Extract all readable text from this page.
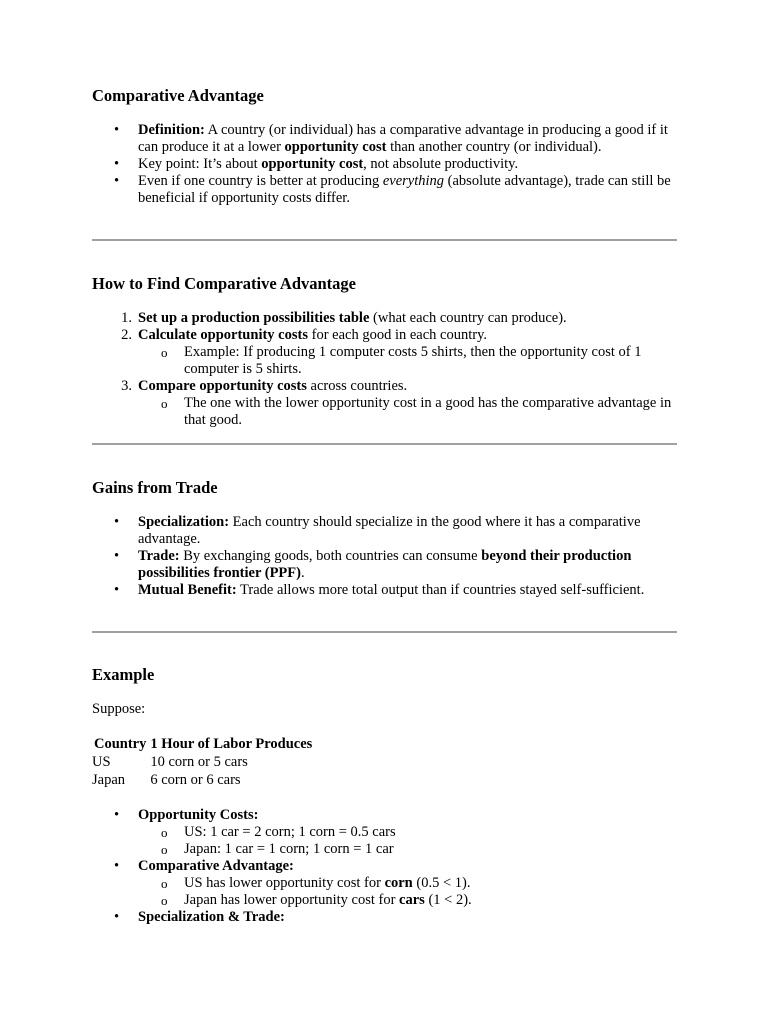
Comparative Advantage
• Definition: A country (or individual) has a comparative advantage in producing a good if it can produce it at a lower opportunity cost than another country (or individual).
• Key point: It’s about opportunity cost, not absolute productivity.
• Even if one country is better at producing everything (absolute advantage), trade can still be beneficial if opportunity costs differ.
How to Find Comparative Advantage
1. Set up a production possibilities table (what each country can produce).
2. Calculate opportunity costs for each good in each country.
o Example: If producing 1 computer costs 5 shirts, then the opportunity cost of 1 computer is 5 shirts.
3. Compare opportunity costs across countries.
o The one with the lower opportunity cost in a good has the comparative advantage in that good.
Gains from Trade
• Specialization: Each country should specialize in the good where it has a comparative advantage.
• Trade: By exchanging goods, both countries can consume beyond their production possibilities frontier (PPF).
• Mutual Benefit: Trade allows more total output than if countries stayed self-sufficient.
Example

Suppose:

Country	1 Hour of Labor Produces
US	10 corn or 5 cars
Japan	6 corn or 6 cars
• Opportunity Costs:
o US: 1 car = 2 corn; 1 corn = 0.5 cars
o Japan: 1 car = 1 corn; 1 corn = 1 car
• Comparative Advantage:
o US has lower opportunity cost for corn (0.5 < 1).
o Japan has lower opportunity cost for cars (1 < 2).
• Specialization & Trade:
